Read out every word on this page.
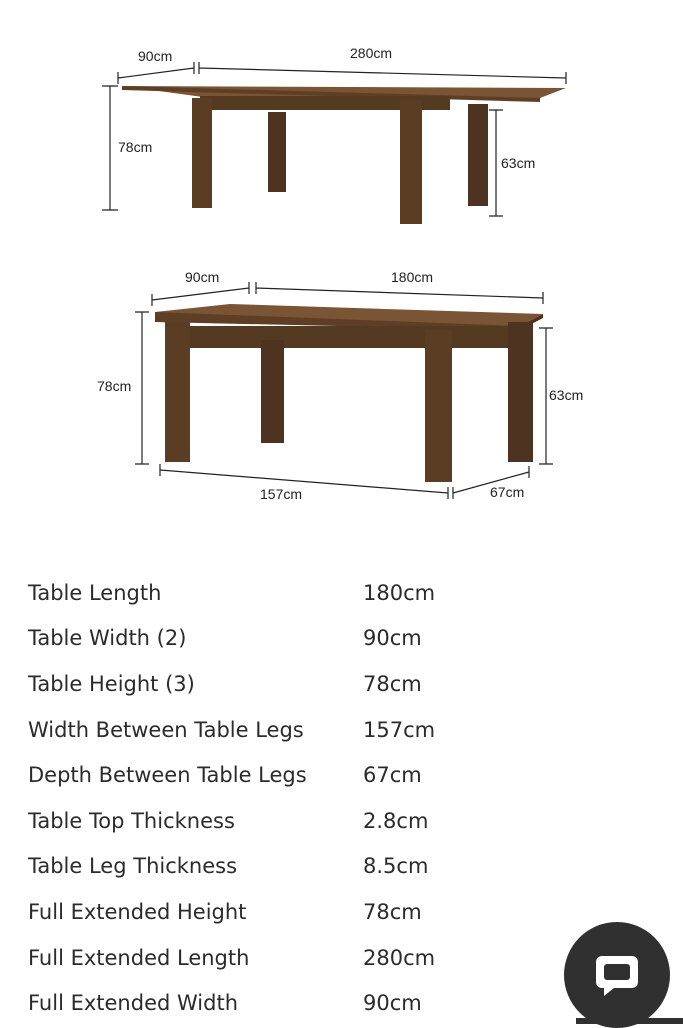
90cm	280cm
78cm
63cm
90cm	180cm
78cm
63cm
157cm	67cm
Table Length	180cm
Table Width (2)	90cm
Table Height (3)	78cm
Width Between Table Legs	157cm
Depth Between Table Legs	67cm
Table Top Thickness	2.8cm
Table Leg Thickness	8.5cm
Full Extended Height	78cm
Full Extended Length	280cm
Full Extended Width	90cm
